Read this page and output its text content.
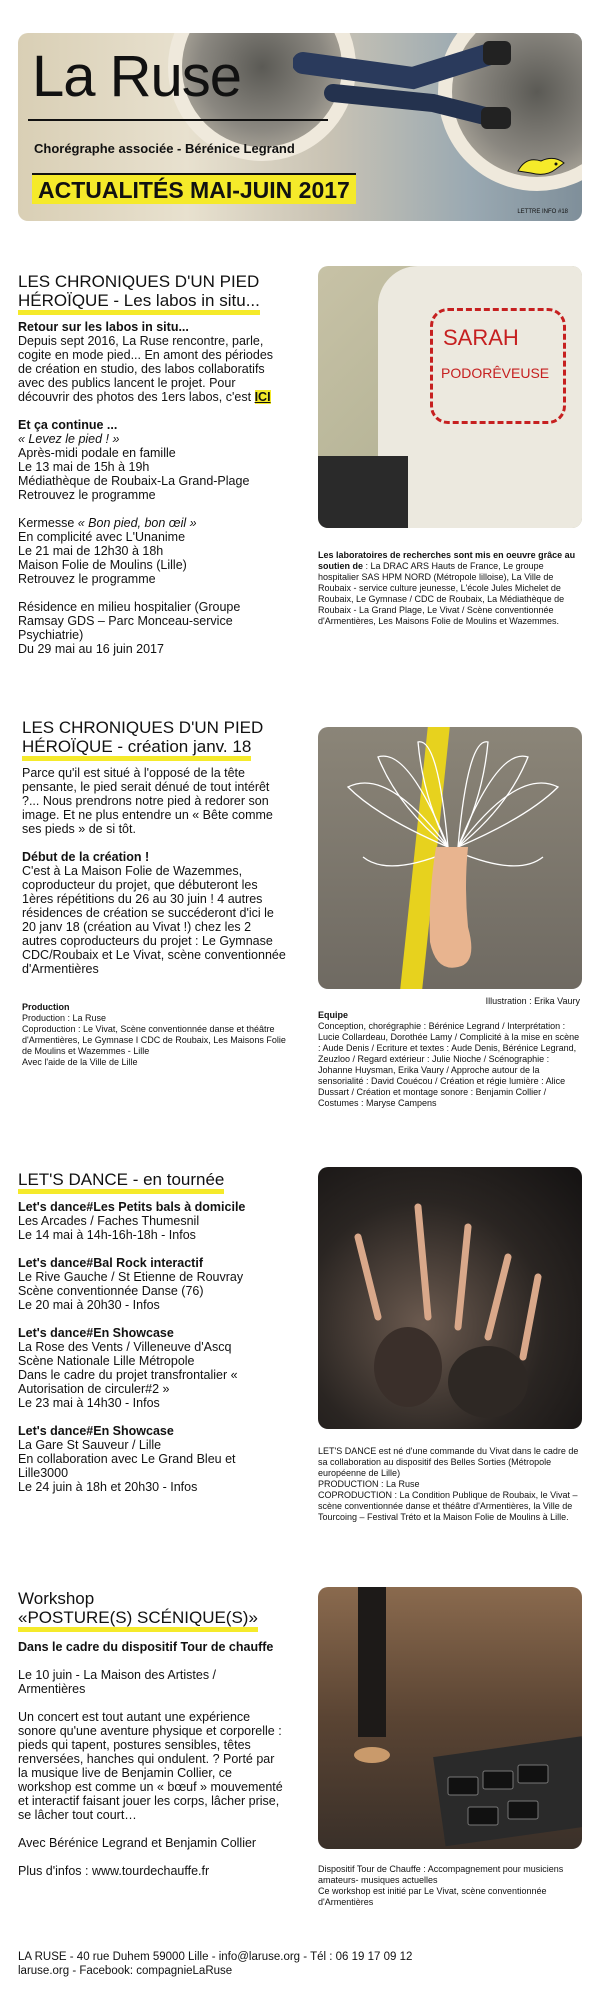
La Ruse
Chorégraphe associée - Bérénice Legrand
ACTUALITÉS MAI-JUIN 2017
LETTRE INFO #18
LES CHRONIQUES D'UN PIED
HÉROÏQUE - Les labos in situ...
Retour sur les labos in situ...
Depuis sept 2016, La Ruse rencontre, parle, cogite en mode pied... En amont des périodes de création en studio, des labos collaboratifs avec des publics lancent le projet. Pour découvrir des photos des 1ers labos, c'est ICI
Et ça continue ...
« Levez le pied ! »
Après-midi podale en famille
Le 13 mai de 15h à 19h
Médiathèque de Roubaix-La Grand-Plage
Retrouvez le programme
Kermesse « Bon pied, bon œil »
En complicité avec L'Unanime
Le 21 mai de 12h30 à 18h
Maison Folie de Moulins (Lille)
Retrouvez le programme
Résidence en milieu hospitalier (Groupe Ramsay GDS – Parc Monceau-service Psychiatrie)
Du 29 mai au 16 juin 2017
SARAH
PODORÊVEUSE
Les laboratoires de recherches sont mis en oeuvre grâce au soutien de : La DRAC ARS Hauts de France, Le groupe hospitalier SAS HPM NORD (Métropole lilloise), La Ville de Roubaix - service culture jeunesse, L'école Jules Michelet de Roubaix, Le Gymnase / CDC de Roubaix, La Médiathèque de Roubaix - La Grand Plage, Le Vivat / Scène conventionnée d'Armentières, Les Maisons Folie de Moulins et Wazemmes.
LES CHRONIQUES D'UN PIED
HÉROÏQUE - création janv. 18
Parce qu'il est situé à l'opposé de la tête pensante, le pied serait dénué de tout intérêt ?... Nous prendrons notre pied à redorer son image. Et ne plus entendre un « Bête comme ses pieds » de si tôt.
Début de la création !
C'est à La Maison Folie de Wazemmes, coproducteur du projet, que débuteront les 1ères répétitions du 26 au 30 juin ! 4 autres résidences de création se succéderont d'ici le 20 janv 18 (création au Vivat !) chez les 2 autres coproducteurs du projet : Le Gymnase CDC/Roubaix et Le Vivat, scène conventionnée d'Armentières
Production
Production : La Ruse
Coproduction : Le Vivat, Scène conventionnée danse et théâtre d'Armentières, Le Gymnase I CDC de Roubaix, Les Maisons Folie de Moulins et Wazemmes - Lille
Avec l'aide de la Ville de Lille
Illustration : Erika Vaury
Equipe
Conception, chorégraphie : Bérénice Legrand / Interprétation : Lucie Collardeau, Dorothée Lamy / Complicité à la mise en scène : Aude Denis / Ecriture et textes : Aude Denis, Bérénice Legrand, Zeuzloo / Regard extérieur : Julie Nioche / Scénographie : Johanne Huysman, Erika Vaury / Approche autour de la sensorialité : David Couécou / Création et régie lumière : Alice Dussart / Création et montage sonore : Benjamin Collier / Costumes : Maryse Campens
LET'S DANCE - en tournée
Let's dance#Les Petits bals à domicile
Les Arcades / Faches Thumesnil
Le 14 mai à 14h-16h-18h - Infos
Let's dance#Bal Rock interactif
Le Rive Gauche / St Etienne de Rouvray
Scène conventionnée Danse (76)
Le 20 mai à 20h30 - Infos
Let's dance#En Showcase
La Rose des Vents / Villeneuve d'Ascq
Scène Nationale Lille Métropole
Dans le cadre du projet transfrontalier « Autorisation de circuler#2 »
Le 23 mai à 14h30 - Infos
Let's dance#En Showcase
La Gare St Sauveur / Lille
En collaboration avec Le Grand Bleu et Lille3000
Le 24 juin à 18h et 20h30 - Infos
LET'S DANCE est né d'une commande du Vivat dans le cadre de sa collaboration au dispositif des Belles Sorties (Métropole européenne de Lille)
PRODUCTION : La Ruse
COPRODUCTION : La Condition Publique de Roubaix, le Vivat – scène conventionnée danse et théâtre d'Armentières, la Ville de Tourcoing – Festival Tréto et la Maison Folie de Moulins à Lille.
Workshop
«POSTURE(S) SCÉNIQUE(S)»
Dans le cadre du dispositif Tour de chauffe
Le 10 juin - La Maison des Artistes / Armentières
Un concert est tout autant une expérience sonore qu'une aventure physique et corporelle : pieds qui tapent, postures sensibles, têtes renversées, hanches qui ondulent. ? Porté par la musique live de Benjamin Collier, ce workshop est comme un « bœuf » mouvementé et interactif faisant jouer les corps, lâcher prise, se lâcher tout court…
Avec Bérénice Legrand et Benjamin Collier
Plus d'infos : www.tourdechauffe.fr	Dispositif Tour de Chauffe : Accompagnement pour musiciens amateurs- musiques actuelles
Ce workshop est initié par Le Vivat, scène conventionnée d'Armentières
LA RUSE - 40 rue Duhem 59000 Lille - info@laruse.org - Tél : 06 19 17 09 12
laruse.org - Facebook: compagnieLaRuse
